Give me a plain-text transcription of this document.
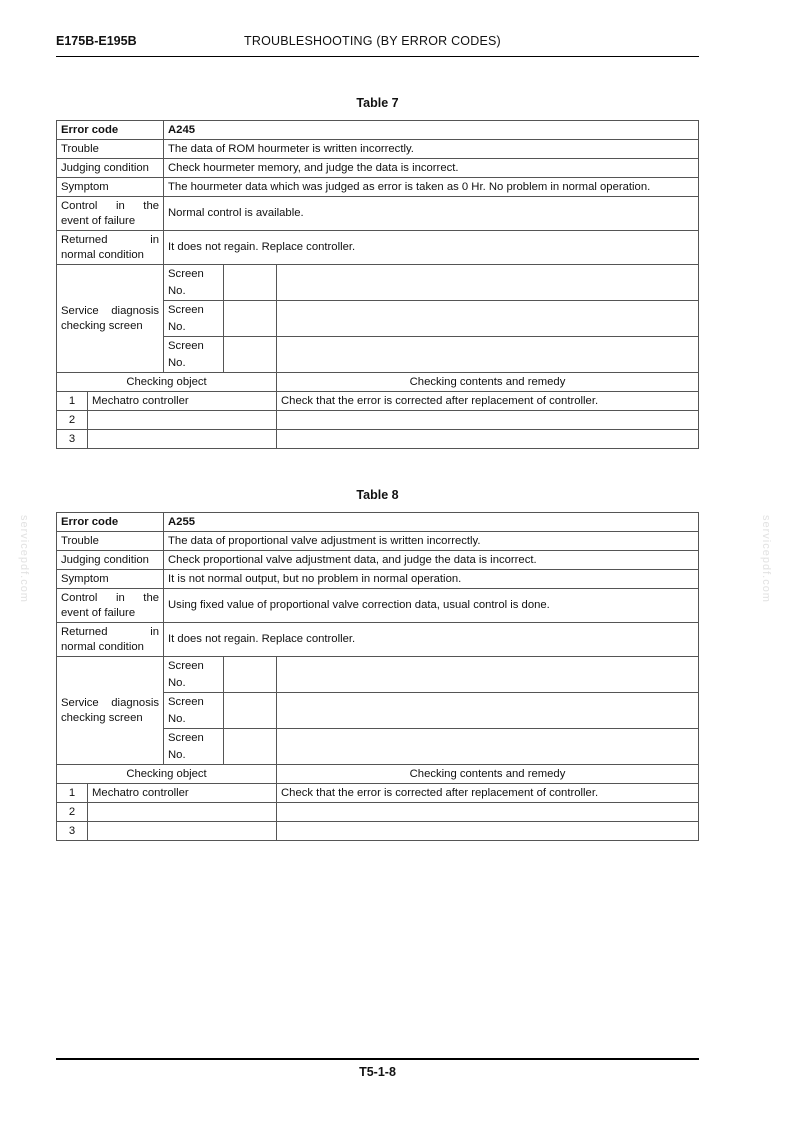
E175B-E195B	TROUBLESHOOTING (BY ERROR CODES)
servicepdf.com	servicepdf.com
Table 7
Error code		A245		
Trouble		The data of ROM hourmeter is written incorrectly.		
Judging condition		Check hourmeter memory, and judge the data is incorrect.		
Symptom		The hourmeter data which was judged as error is taken as 0 Hr. No problem in normal operation.		

Control in the
event of failure		Normal control is available.		

Returned in
normal condition		It does not regain. Replace controller.		

Service diagnosis
checking screen		Screen No.		
		Screen No.		
		Screen No.		
Checking object				Checking contents and remedy
1	Mechatro controller			Check that the error is corrected after replacement of controller.
2				
3				
Table 8
Error code		A255		
Trouble		The data of proportional valve adjustment is written incorrectly.		
Judging condition		Check proportional valve adjustment data, and judge the data is incorrect.		
Symptom		It is not normal output, but no problem in normal operation.		

Control in the
event of failure		Using fixed value of proportional valve correction data, usual control is done.		

Returned in
normal condition		It does not regain. Replace controller.		

Service diagnosis
checking screen		Screen No.		
		Screen No.		
		Screen No.		
Checking object				Checking contents and remedy
1	Mechatro controller			Check that the error is corrected after replacement of controller.
2				
3				
T5-1-8
